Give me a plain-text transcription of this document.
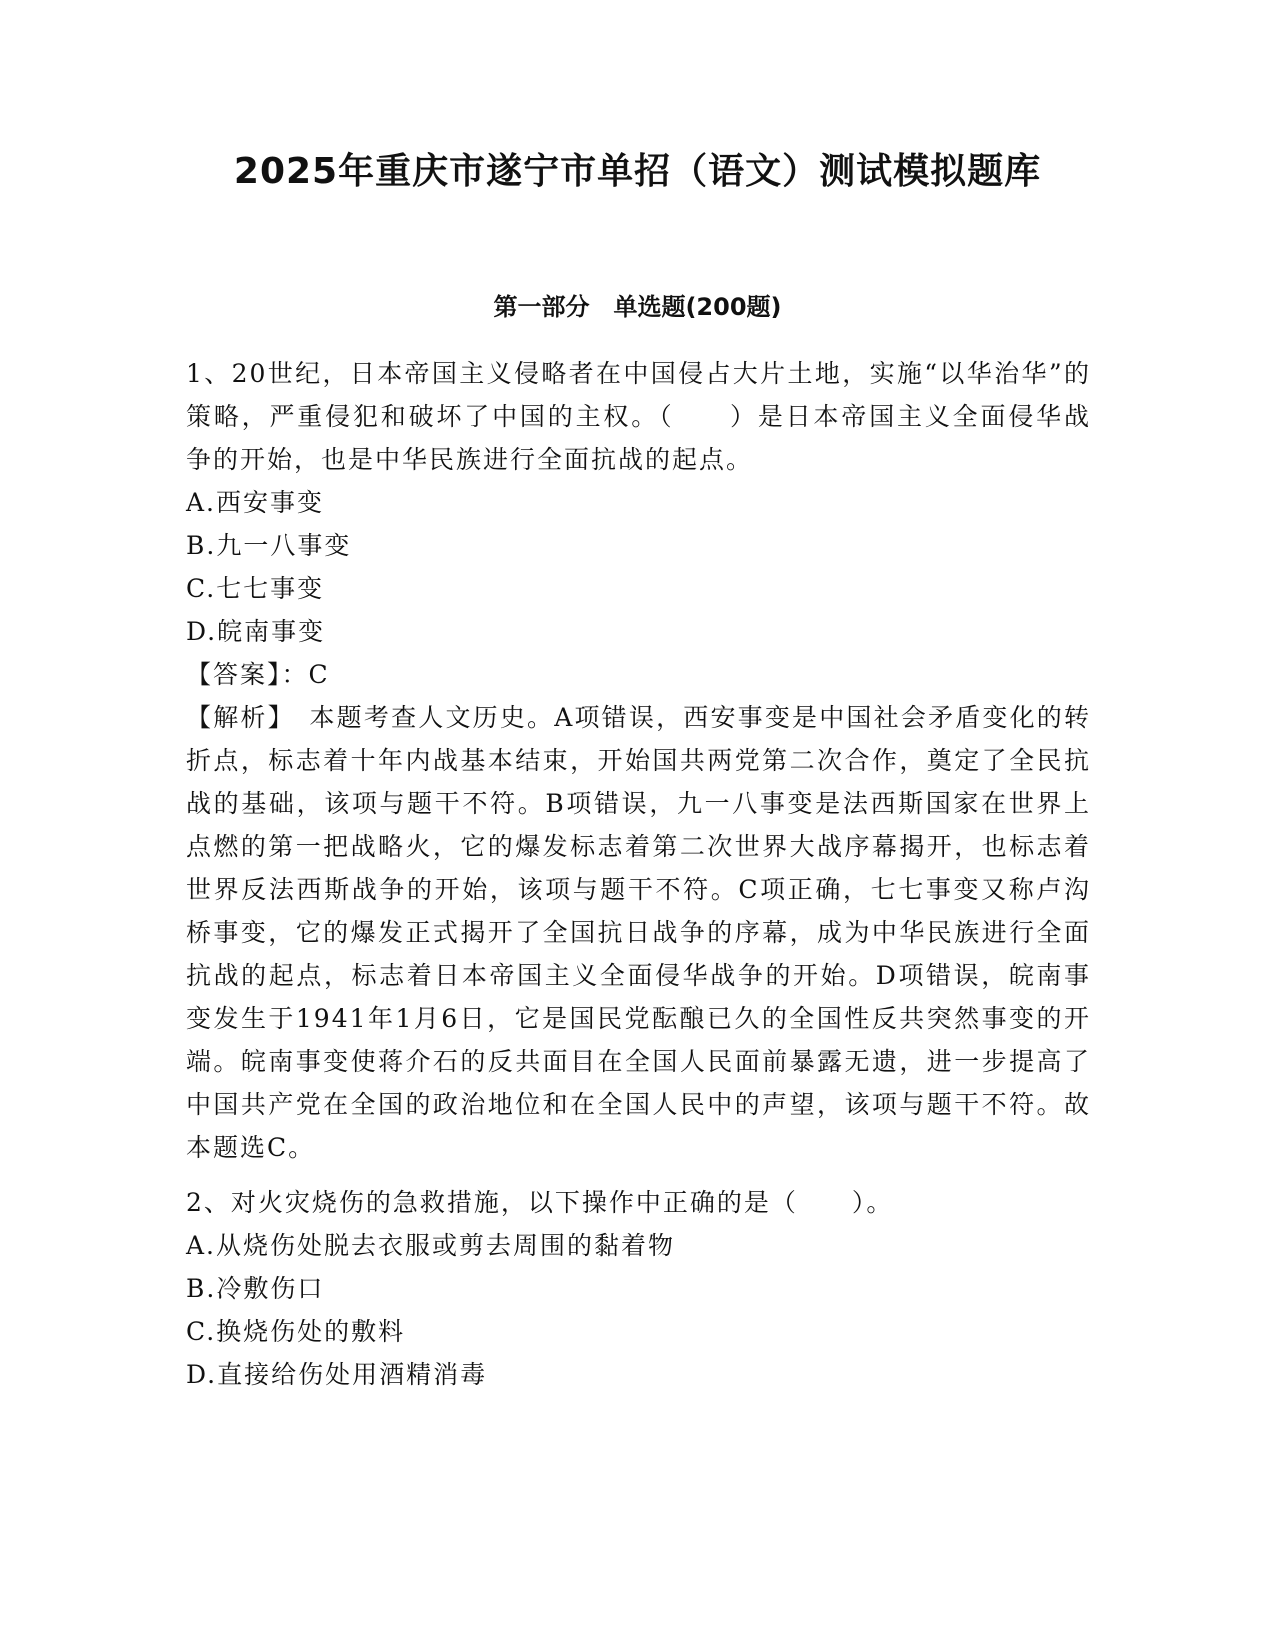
2025年重庆市遂宁市单招（语文）测试模拟题库
第一部分　单选题(200题)

1、20世纪，日本帝国主义侵略者在中国侵占大片土地，实施“以华治华”的策略，严重侵犯和破坏了中国的主权。（　　）是日本帝国主义全面侵华战争的开始，也是中华民族进行全面抗战的起点。

A.西安事变

B.九一八事变

C.七七事变

D.皖南事变

【答案】：C

【解析】　本题考查人文历史。A项错误，西安事变是中国社会矛盾变化的转折点，标志着十年内战基本结束，开始国共两党第二次合作，奠定了全民抗战的基础，该项与题干不符。B项错误，九一八事变是法西斯国家在世界上点燃的第一把战略火，它的爆发标志着第二次世界大战序幕揭开，也标志着世界反法西斯战争的开始，该项与题干不符。C项正确，七七事变又称卢沟桥事变，它的爆发正式揭开了全国抗日战争的序幕，成为中华民族进行全面抗战的起点，标志着日本帝国主义全面侵华战争的开始。D项错误，皖南事变发生于1941年1月6日，它是国民党酝酿已久的全国性反共突然事变的开端。皖南事变使蒋介石的反共面目在全国人民面前暴露无遗，进一步提高了中国共产党在全国的政治地位和在全国人民中的声望，该项与题干不符。故本题选C。

2、对火灾烧伤的急救措施，以下操作中正确的是（　　）。

A.从烧伤处脱去衣服或剪去周围的黏着物

B.冷敷伤口

C.换烧伤处的敷料

D.直接给伤处用酒精消毒
